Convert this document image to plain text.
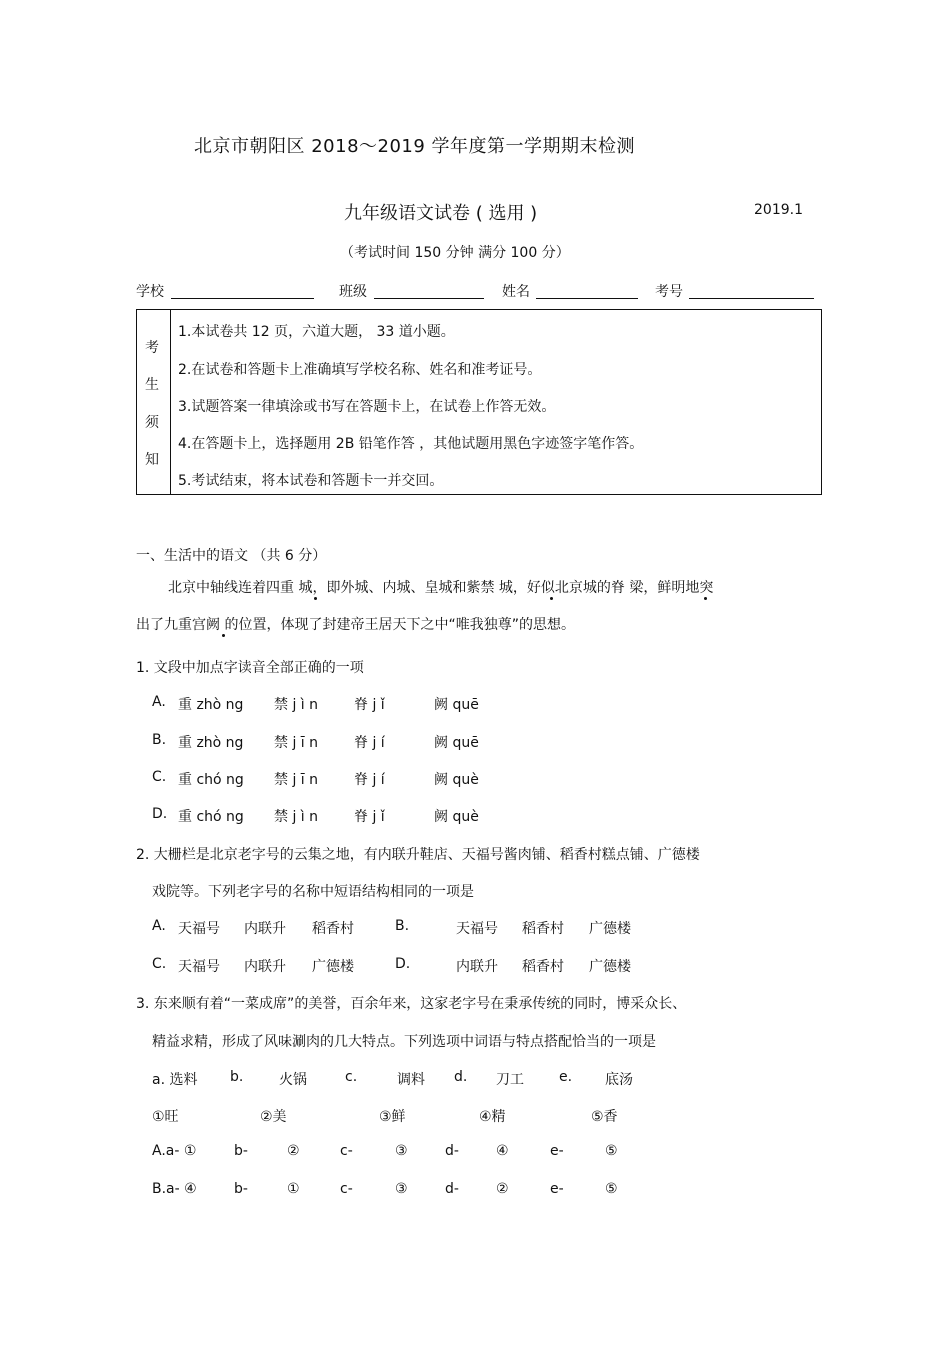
北京市朝阳区 2018～2019 学年度第一学期期末检测
九年级语文试卷 ( 选用 )	2019.1
（考试时间 150 分钟 满分 100 分）
学校	班级	姓名	考号
考
生
须
知
1.本试卷共 12 页，六道大题， 33 道小题。
2.在试卷和答题卡上准确填写学校名称、姓名和准考证号。
3.试题答案一律填涂或书写在答题卡上，在试卷上作答无效。
4.在答题卡上，选择题用 2B 铅笔作答 ，其他试题用黑色字迹签字笔作答。
5.考试结束，将本试卷和答题卡一并交回。
一、生活中的语文 （共 6 分）
北京中轴线连着四重 城，即外城、内城、皇城和紫禁 城，好似北京城的脊 梁，鲜明地突
出了九重宫阙 的位置，体现了封建帝王居天下之中“唯我独尊”的思想。
1. 文段中加点字读音全部正确的一项
A. 重 zhò ng 禁 j ì n	脊 j ǐ	阙 quē
B. 重 zhò ng 禁 j ī n	脊 j í	阙 quē
C. 重 chó ng 禁 j ī n	脊 j í	阙 què
D. 重 chó ng 禁 j ì n	脊 j ǐ	阙 què
2. 大栅栏是北京老字号的云集之地，有内联升鞋店、天福号酱肉铺、稻香村糕点铺、广德楼
戏院等。下列老字号的名称中短语结构相同的一项是
A. 天福号 内联升 稻香村	B.	天福号 稻香村 广德楼
C. 天福号 内联升 广德楼	D.	内联升 稻香村 广德楼
3. 东来顺有着“一菜成席”的美誉，百余年来，这家老字号在秉承传统的同时，博采众长、
精益求精，形成了风味涮肉的几大特点。下列选项中词语与特点搭配恰当的一项是
a. 选料 b.	火锅	c.	调料 d. 刀工	e. 底汤
①旺	②美	③鲜	④精	⑤香
A.a- ①	b-	②	c-	③	d-	④	e-	⑤
B.a- ④	b-	①	c-	③	d-	②	e-	⑤
